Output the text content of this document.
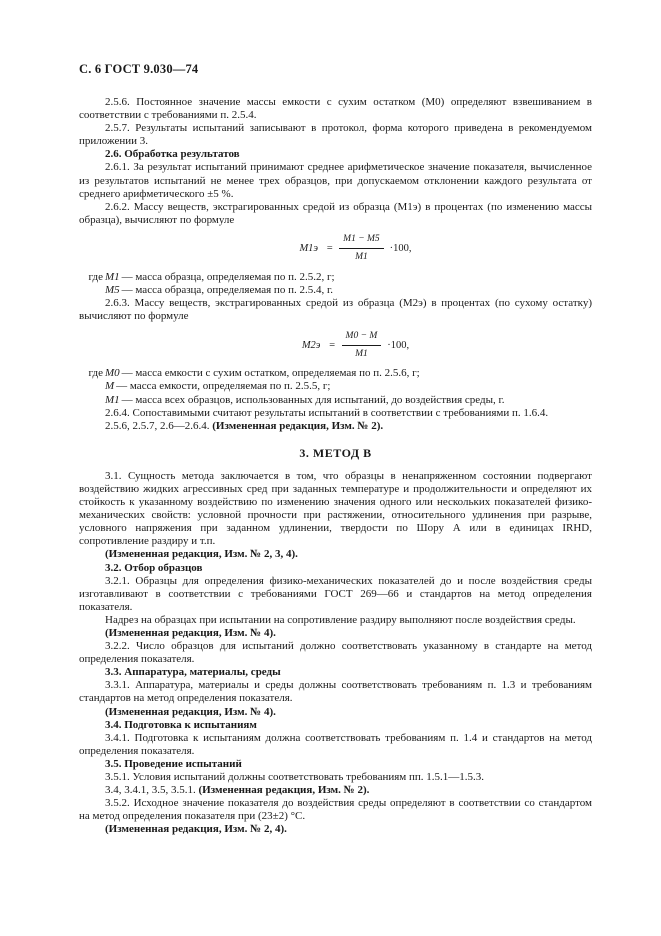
С. 6 ГОСТ 9.030—74

2.5.6. Постоянное значение массы емкости с сухим остатком (M0) определяют взвешиванием в соответствии с требованиями п. 2.5.4.

2.5.7. Результаты испытаний записывают в протокол, форма которого приведена в рекомендуемом приложении 3.

2.6. Обработка результатов

2.6.1. За результат испытаний принимают среднее арифметическое значение показателя, вычисленное из результатов испытаний не менее трех образцов, при допускаемом отклонении каждого результата от среднего арифметического ±5 %.

2.6.2. Массу веществ, экстрагированных средой из образца (M1э) в процентах (по изменению массы образца), вычисляют по формуле

$M1э = \frac{M1 - M5}{M1} \cdot 100$,
где M1 — масса образца, определяемая по п. 2.5.2, г;
M5 — масса образца, определяемая по п. 2.5.4, г.

2.6.3. Массу веществ, экстрагированных средой из образца (M2э) в процентах (по сухому остатку) вычисляют по формуле

$M2э = \frac{M0 - M}{M1} \cdot 100$,
где M0 — масса емкости с сухим остатком, определяемая по п. 2.5.6, г;
M — масса емкости, определяемая по п. 2.5.5, г;
M1 — масса всех образцов, использованных для испытаний, до воздействия среды, г.

2.6.4. Сопоставимыми считают результаты испытаний в соответствии с требованиями п. 1.6.4.

2.5.6, 2.5.7, 2.6—2.6.4. (Измененная редакция, Изм. № 2).

3. МЕТОД В

3.1. Сущность метода заключается в том, что образцы в ненапряженном состоянии подвергают воздействию жидких агрессивных сред при заданных температуре и продолжительности и определяют их стойкость к указанному воздействию по изменению значения одного или нескольких показателей физико-механических свойств: условной прочности при растяжении, относительного удлинения при разрыве, условного напряжения при заданном удлинении, твердости по Шору А или в единицах IRHD, сопротивление раздиру и т.п.

(Измененная редакция, Изм. № 2, 3, 4).

3.2. Отбор образцов

3.2.1. Образцы для определения физико-механических показателей до и после воздействия среды изготавливают в соответствии с требованиями ГОСТ 269—66 и стандартов на метод определения показателя.

Надрез на образцах при испытании на сопротивление раздиру выполняют после воздействия среды.

(Измененная редакция, Изм. № 4).

3.2.2. Число образцов для испытаний должно соответствовать указанному в стандарте на метод определения показателя.

3.3. Аппаратура, материалы, среды

3.3.1. Аппаратура, материалы и среды должны соответствовать требованиям п. 1.3 и требованиям стандартов на метод определения показателя.

(Измененная редакция, Изм. № 4).

3.4. Подготовка к испытаниям

3.4.1. Подготовка к испытаниям должна соответствовать требованиям п. 1.4 и стандартов на метод определения показателя.

3.5. Проведение испытаний

3.5.1. Условия испытаний должны соответствовать требованиям пп. 1.5.1—1.5.3.

3.4, 3.4.1, 3.5, 3.5.1. (Измененная редакция, Изм. № 2).

3.5.2. Исходное значение показателя до воздействия среды определяют в соответствии со стандартом на метод определения показателя при (23±2) °С.

(Измененная редакция, Изм. № 2, 4).
